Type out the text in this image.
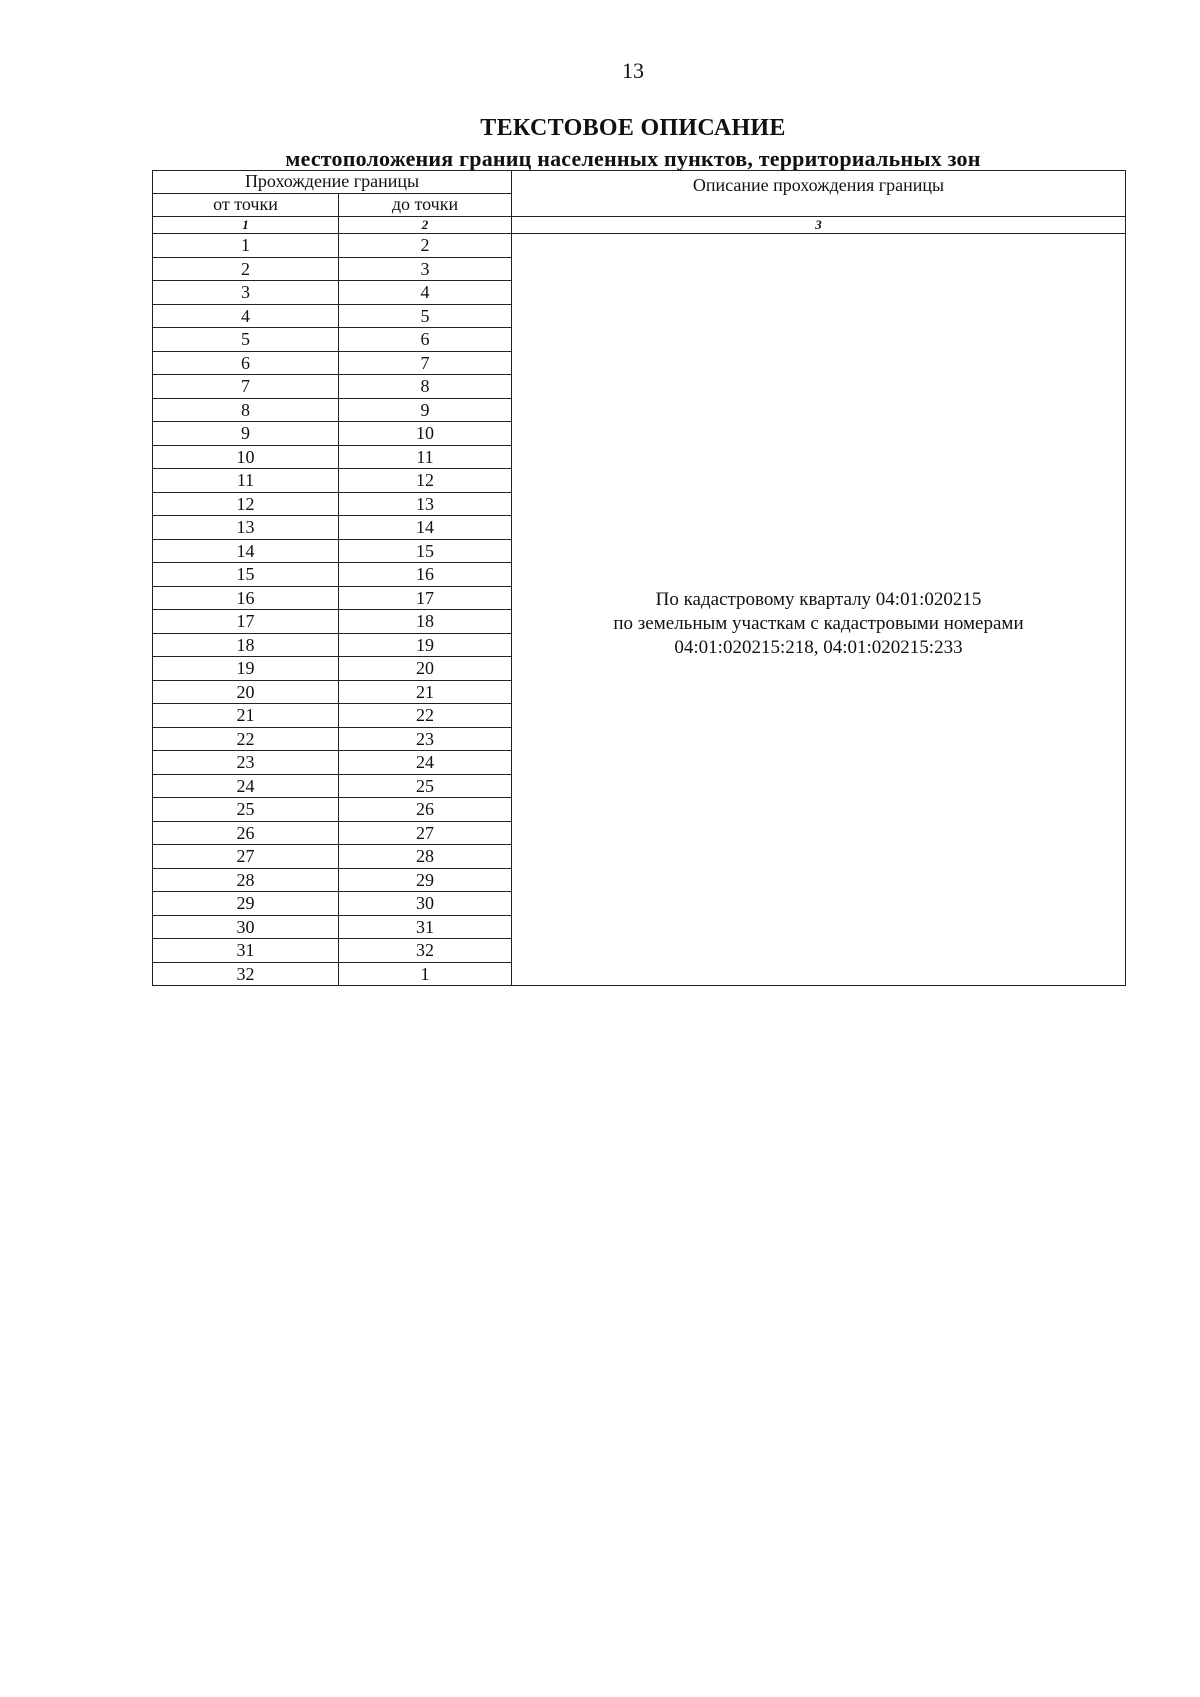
13
ТЕКСТОВОЕ ОПИСАНИЕ
местоположения границ населенных пунктов, территориальных зон
Прохождение границы		Описание прохождения границы
от точки	до точки	
1	2	3
1	2	По кадастровому кварталу 04:01:020215
по земельным участкам с кадастровыми номерами
04:01:020215:218, 04:01:020215:233

2	3	
3	4	
4	5	
5	6	
6	7	
7	8	
8	9	
9	10	
10	11	
11	12	
12	13	
13	14	
14	15	
15	16	
16	17	
17	18	
18	19	
19	20	
20	21	
21	22	
22	23	
23	24	
24	25	
25	26	
26	27	
27	28	
28	29	
29	30	
30	31	
31	32	
32	1	
